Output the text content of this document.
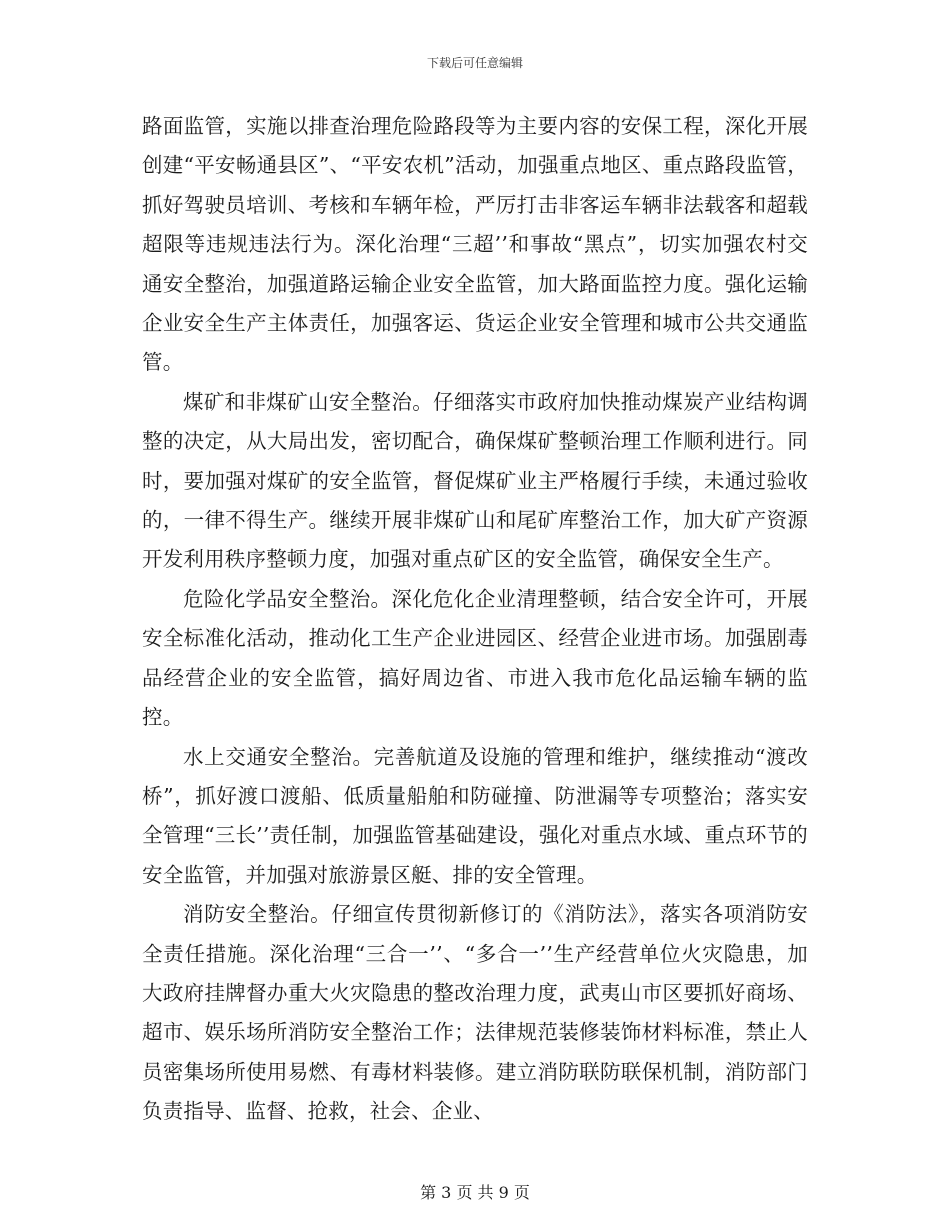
下载后可任意编辑

路面监管，实施以排查治理危险路段等为主要内容的安保工程，深化开展创建“平安畅通县区”、“平安农机”活动，加强重点地区、重点路段监管，抓好驾驶员培训、考核和车辆年检，严厉打击非客运车辆非法载客和超载超限等违规违法行为。深化治理“三超’’和事故“黑点”，切实加强农村交通安全整治，加强道路运输企业安全监管，加大路面监控力度。强化运输企业安全生产主体责任，加强客运、货运企业安全管理和城市公共交通监管。

煤矿和非煤矿山安全整治。仔细落实市政府加快推动煤炭产业结构调整的决定，从大局出发，密切配合，确保煤矿整顿治理工作顺利进行。同时，要加强对煤矿的安全监管，督促煤矿业主严格履行手续，未通过验收的，一律不得生产。继续开展非煤矿山和尾矿库整治工作，加大矿产资源开发利用秩序整顿力度，加强对重点矿区的安全监管，确保安全生产。

危险化学品安全整治。深化危化企业清理整顿，结合安全许可，开展安全标准化活动，推动化工生产企业进园区、经营企业进市场。加强剧毒品经营企业的安全监管，搞好周边省、市进入我市危化品运输车辆的监控。

水上交通安全整治。完善航道及设施的管理和维护，继续推动“渡改桥”，抓好渡口渡船、低质量船舶和防碰撞、防泄漏等专项整治；落实安全管理“三长’’责任制，加强监管基础建设，强化对重点水域、重点环节的安全监管，并加强对旅游景区艇、排的安全管理。

消防安全整治。仔细宣传贯彻新修订的《消防法》，落实各项消防安全责任措施。深化治理“三合一’’、“多合一’’生产经营单位火灾隐患，加大政府挂牌督办重大火灾隐患的整改治理力度，武夷山市区要抓好商场、超市、娱乐场所消防安全整治工作；法律规范装修装饰材料标准，禁止人员密集场所使用易燃、有毒材料装修。建立消防联防联保机制，消防部门负责指导、监督、抢救，社会、企业、

第 3 页 共 9 页
